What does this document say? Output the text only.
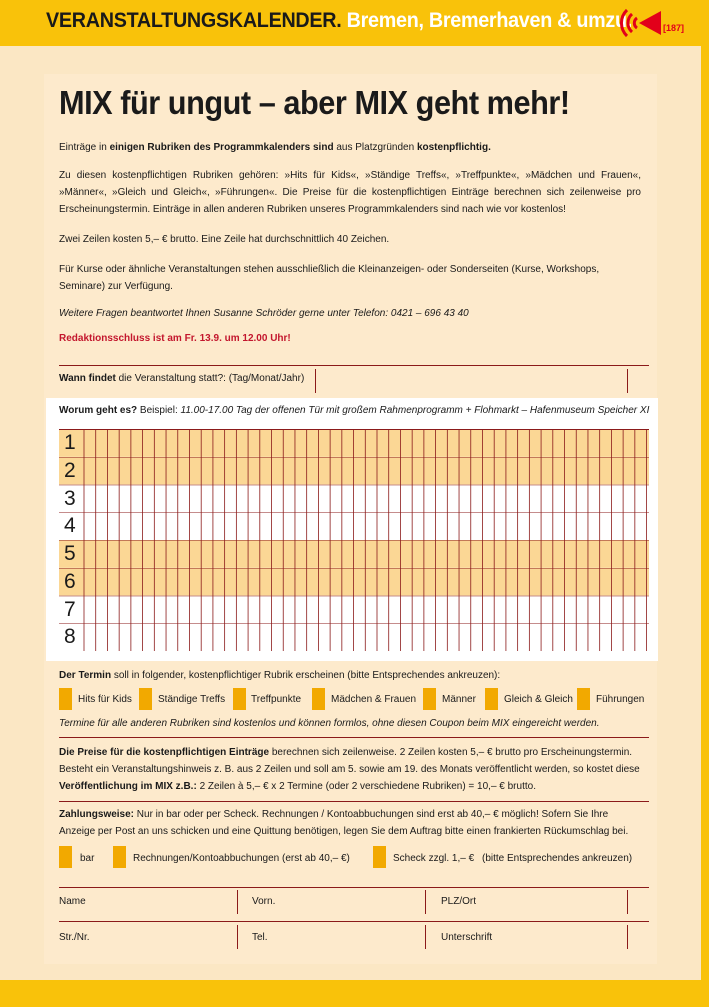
VERANSTALTUNGSKALENDER. Bremen, Bremerhaven & umzu.	[187]
MIX für ungut – aber MIX geht mehr!
Einträge in einigen Rubriken des Programmkalenders sind aus Platzgründen kostenpflichtig.
Zu diesen kostenpflichtigen Rubriken gehören: »Hits für Kids«, »Ständige Treffs«, »Treffpunkte«, »Mädchen und Frauen«, »Männer«, »Gleich und Gleich«, »Führungen«. Die Preise für die kostenpflichtigen Einträge berechnen sich zeilenweise pro Erscheinungstermin. Einträge in allen anderen Rubriken unseres Programmkalenders sind nach wie vor kostenlos!
Zwei Zeilen kosten 5,– € brutto. Eine Zeile hat durchschnittlich 40 Zeichen.
Für Kurse oder ähnliche Veranstaltungen stehen ausschließlich die Kleinanzeigen- oder Sonderseiten (Kurse, Workshops, Seminare) zur Verfügung.
Weitere Fragen beantwortet Ihnen Susanne Schröder gerne unter Telefon: 0421 – 696 43 40
Redaktionsschluss ist am Fr. 13.9. um 12.00 Uhr!
Wann findet die Veranstaltung statt?: (Tag/Monat/Jahr)
Worum geht es? Beispiel: 11.00-17.00 Tag der offenen Tür mit großem Rahmenprogramm + Flohmarkt – Hafenmuseum Speicher XI
1
2
3
4
5
6
7
8
Der Termin soll in folgender, kostenpflichtiger Rubrik erscheinen (bitte Entsprechendes ankreuzen):
Hits für Kids	Ständige Treffs	Treffpunkte	Mädchen & Frauen	Männer	Gleich & Gleich Führungen
Termine für alle anderen Rubriken sind kostenlos und können formlos, ohne diesen Coupon beim MIX eingereicht werden.
Die Preise für die kostenpflichtigen Einträge berechnen sich zeilenweise. 2 Zeilen kosten 5,– € brutto pro Erscheinungstermin. Besteht ein Veranstaltungshinweis z. B. aus 2 Zeilen und soll am 5. sowie am 19. des Monats veröffentlicht werden, so kostet diese Veröffentlichung im MIX z.B.: 2 Zeilen à 5,– € x 2 Termine (oder 2 verschiedene Rubriken) = 10,– € brutto.
Zahlungsweise: Nur in bar oder per Scheck. Rechnungen / Kontoabbuchungen sind erst ab 40,– € möglich! Sofern Sie Ihre Anzeige per Post an uns schicken und eine Quittung benötigen, legen Sie dem Auftrag bitte einen frankierten Rückumschlag bei.
bar	Rechnungen/Kontoabbuchungen (erst ab 40,– €)	Scheck zzgl. 1,– € (bitte Entsprechendes ankreuzen)
Name	Vorn.	PLZ/Ort
Str./Nr.	Tel.	Unterschrift
